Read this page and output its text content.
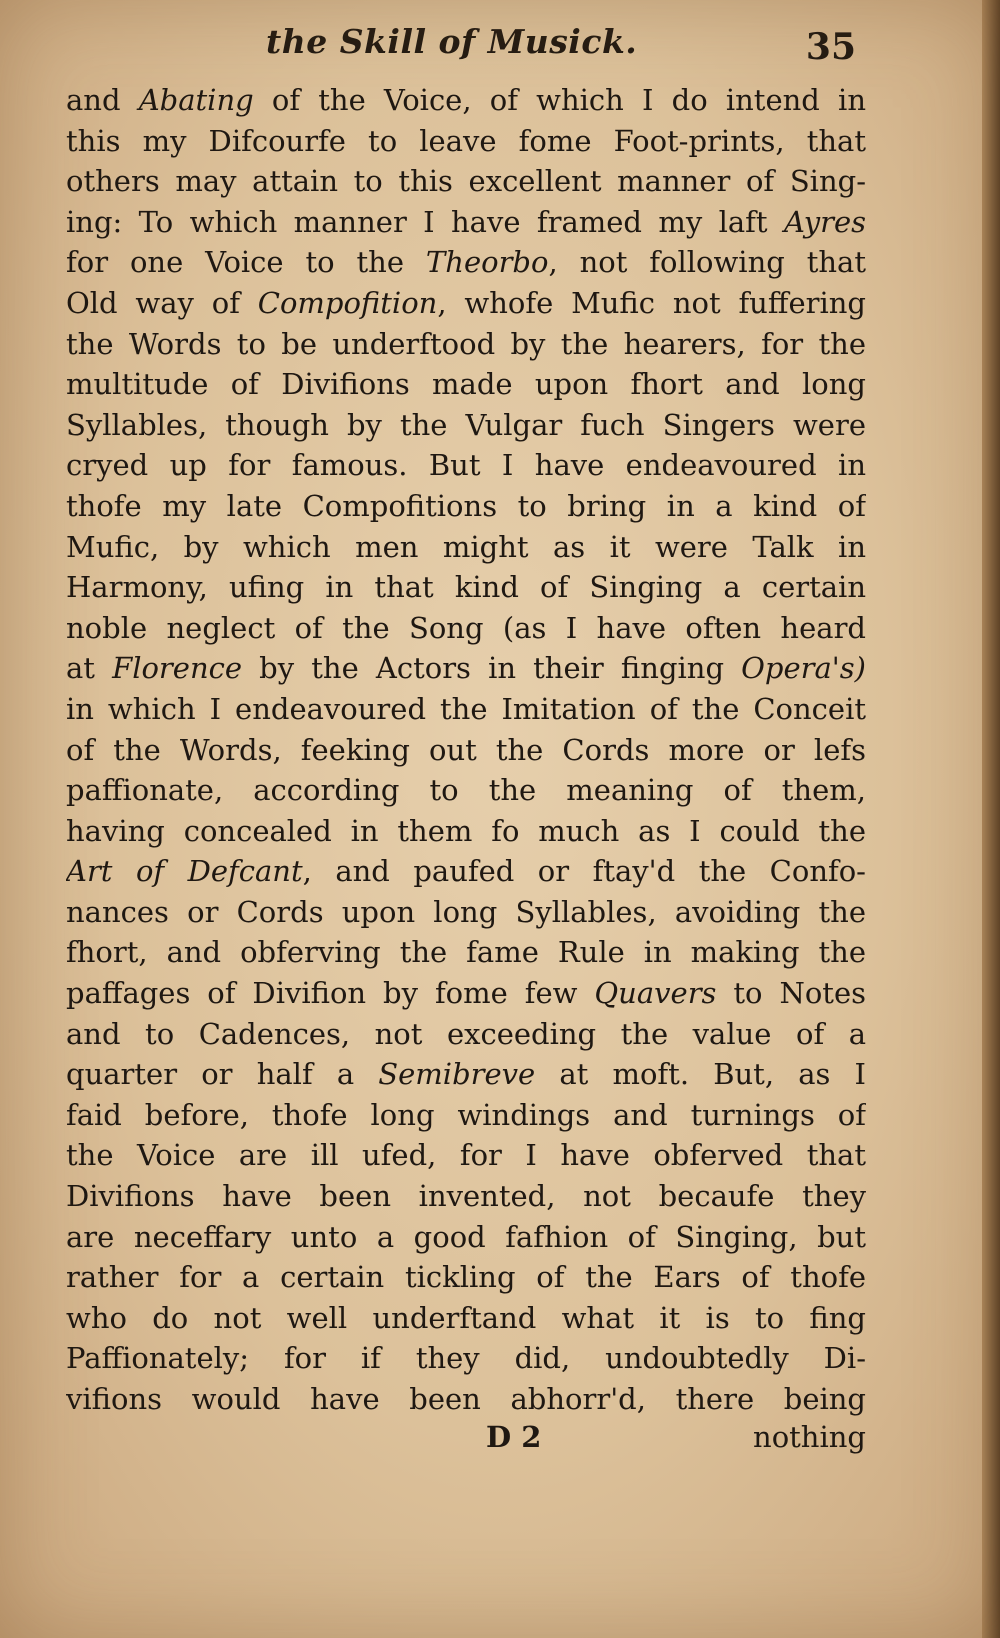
the Skill of Musick.	35
and Abating of the Voice, of which I do intend in
this my Difcourfe to leave fome Foot-prints, that
others may attain to this excellent manner of Sing-
ing: To which manner I have framed my laft Ayres
for one Voice to the Theorbo, not following that
Old way of Compofition, whofe Mufic not fuffering
the Words to be underftood by the hearers, for the
multitude of Divifions made upon fhort and long
Syllables, though by the Vulgar fuch Singers were
cryed up for famous. But I have endeavoured in
thofe my late Compofitions to bring in a kind of
Mufic, by which men might as it were Talk in
Harmony, ufing in that kind of Singing a certain
noble neglect of the Song (as I have often heard
at Florence by the Actors in their finging Opera's)
in which I endeavoured the Imitation of the Conceit
of the Words, feeking out the Cords more or lefs
paffionate, according to the meaning of them,
having concealed in them fo much as I could the
Art of Defcant, and paufed or ftay'd the Confo-
nances or Cords upon long Syllables, avoiding the
fhort, and obferving the fame Rule in making the
paffages of Divifion by fome few Quavers to Notes
and to Cadences, not exceeding the value of a
quarter or half a Semibreve at moft. But, as I
faid before, thofe long windings and turnings of
the Voice are ill ufed, for I have obferved that
Divifions have been invented, not becaufe they
are neceffary unto a good fafhion of Singing, but
rather for a certain tickling of the Ears of thofe
who do not well underftand what it is to fing
Paffionately; for if they did, undoubtedly Di-
vifions would have been abhorr'd, there being
D 2	nothing
